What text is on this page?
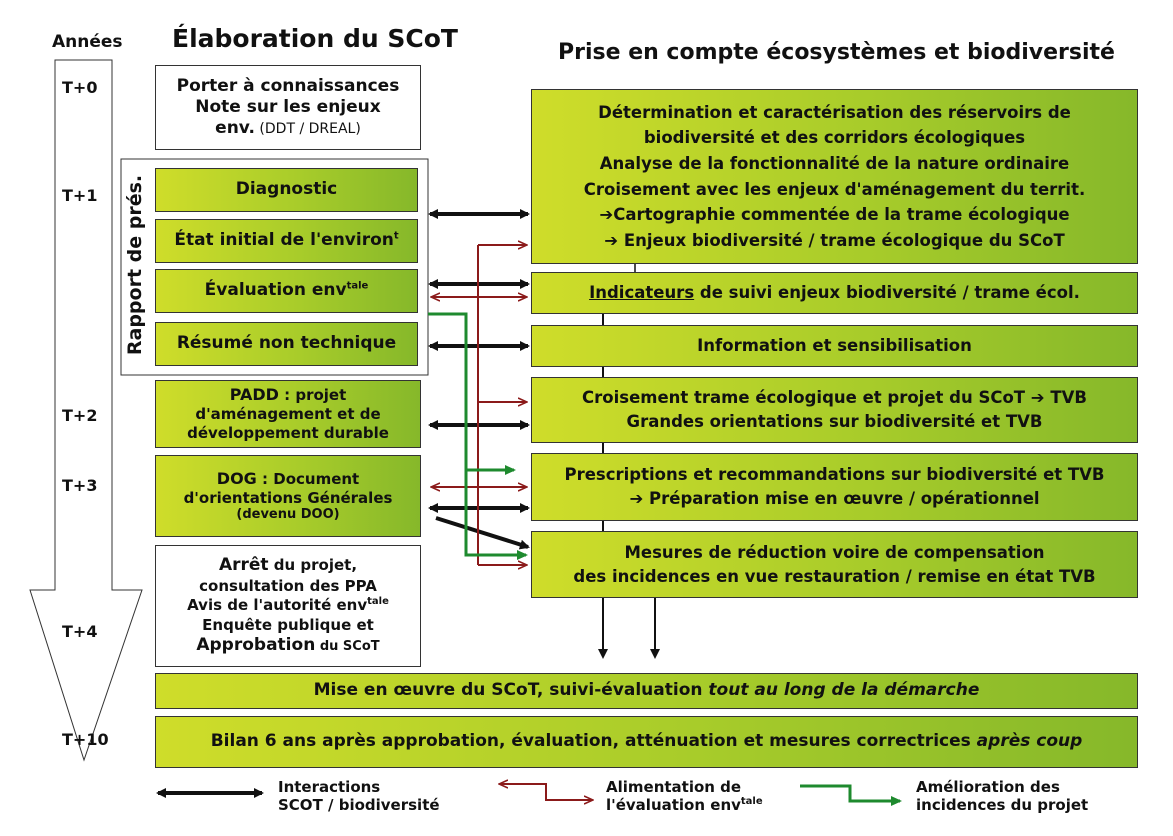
Années Élaboration du SCoT	Prise en compte écosystèmes et biodiversité
T+0
T+1
T+2
T+3
T+4
T+10
Rapport de prés.
Porter à connaissances
Note sur les enjeux
env. (DDT / DREAL)
Diagnostic
État initial de l'environ$^t$
Évaluation env$^{tale}$
Résumé non technique
PADD : projet
d'aménagement et de
développement durable
DOG : Document
d'orientations Générales
(devenu DOO)
Arrêt du projet,
consultation des PPA
Avis de l'autorité env$^{tale}$
Enquête publique et
Approbation du SCoT
Détermination et caractérisation des réservoirs de
biodiversité et des corridors écologiques
Analyse de la fonctionnalité de la nature ordinaire
Croisement avec les enjeux d'aménagement du territ.
➔Cartographie commentée de la trame écologique
➔ Enjeux biodiversité / trame écologique du SCoT
Indicateurs de suivi enjeux biodiversité / trame écol.
Information et sensibilisation
Croisement trame écologique et projet du SCoT ➔ TVB
Grandes orientations sur biodiversité et TVB
Prescriptions et recommandations sur biodiversité et TVB
➔ Préparation mise en œuvre / opérationnel
Mesures de réduction voire de compensation
des incidences en vue restauration / remise en état TVB
Mise en œuvre du SCoT, suivi-évaluation tout au long de la démarche
Bilan 6 ans après approbation, évaluation, atténuation et mesures correctrices après coup
Interactions
SCOT / biodiversité
Alimentation de
l'évaluation env$^{tale}$
Amélioration des
incidences du projet
